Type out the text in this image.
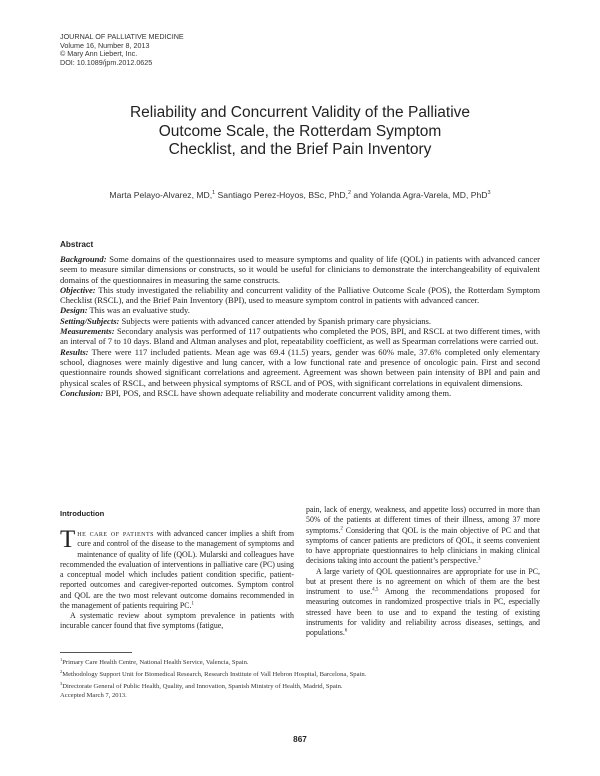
JOURNAL OF PALLIATIVE MEDICINE
Volume 16, Number 8, 2013
© Mary Ann Liebert, Inc.
DOI: 10.1089/jpm.2012.0625
Reliability and Concurrent Validity of the Palliative
Outcome Scale, the Rotterdam Symptom
Checklist, and the Brief Pain Inventory
Marta Pelayo-Alvarez, MD,$^1$ Santiago Perez-Hoyos, BSc, PhD,$^2$ and Yolanda Agra-Varela, MD, PhD$^3$
Abstract

Background: Some domains of the questionnaires used to measure symptoms and quality of life (QOL) in patients with advanced cancer seem to measure similar dimensions or constructs, so it would be useful for clinicians to demonstrate the interchangeability of equivalent domains of the questionnaires in measuring the same constructs.

Objective: This study investigated the reliability and concurrent validity of the Palliative Outcome Scale (POS), the Rotterdam Symptom Checklist (RSCL), and the Brief Pain Inventory (BPI), used to measure symptom control in patients with advanced cancer.

Design: This was an evaluative study.

Setting/Subjects: Subjects were patients with advanced cancer attended by Spanish primary care physicians.

Measurements: Secondary analysis was performed of 117 outpatients who completed the POS, BPI, and RSCL at two different times, with an interval of 7 to 10 days. Bland and Altman analyses and plot, repeatability coefficient, as well as Spearman correlations were carried out.

Results: There were 117 included patients. Mean age was 69.4 (11.5) years, gender was 60% male, 37.6% completed only elementary school, diagnoses were mainly digestive and lung cancer, with a low functional rate and presence of oncologic pain. First and second questionnaire rounds showed significant correlations and agreement. Agreement was shown between pain intensity of BPI and pain and physical scales of RSCL, and between physical symptoms of RSCL and of POS, with significant correlations in equivalent dimensions.

Conclusion: BPI, POS, and RSCL have shown adequate reliability and moderate concurrent validity among them.

Introduction

The care of patients with advanced cancer implies a shift from cure and control of the disease to the management of symptoms and maintenance of quality of life (QOL). Mularski and colleagues have recommended the evaluation of interventions in palliative care (PC) using a conceptual model which includes patient condition specific, patient-reported outcomes and caregiver-reported outcomes. Symptom control and QOL are the two most relevant outcome domains recommended in the management of patients requiring PC.$^1$

A systematic review about symptom prevalence in patients with incurable cancer found that five symptoms (fatigue,

pain, lack of energy, weakness, and appetite loss) occurred in more than 50% of the patients at different times of their illness, among 37 more symptoms.$^2$ Considering that QOL is the main objective of PC and that symptoms of cancer patients are predictors of QOL, it seems convenient to have appropriate questionnaires to help clinicians in making clinical decisions taking into account the patient’s perspective.$^3$

A large variety of QOL questionnaires are appropriate for use in PC, but at present there is no agreement on which of them are the best instrument to use.$^{4,5}$ Among the recommendations proposed for measuring outcomes in randomized prospective trials in PC, especially stressed have been to use and to expand the testing of existing instruments for validity and reliability across diseases, settings, and populations.$^6$

$^1$Primary Care Health Centre, National Health Service, Valencia, Spain.
$^2$Methodology Support Unit for Biomedical Research, Research Institute of Vall Hebron Hospital, Barcelona, Spain.
$^3$Directorate General of Public Health, Quality, and Innovation, Spanish Ministry of Health, Madrid, Spain.
Accepted March 7, 2013.
867
